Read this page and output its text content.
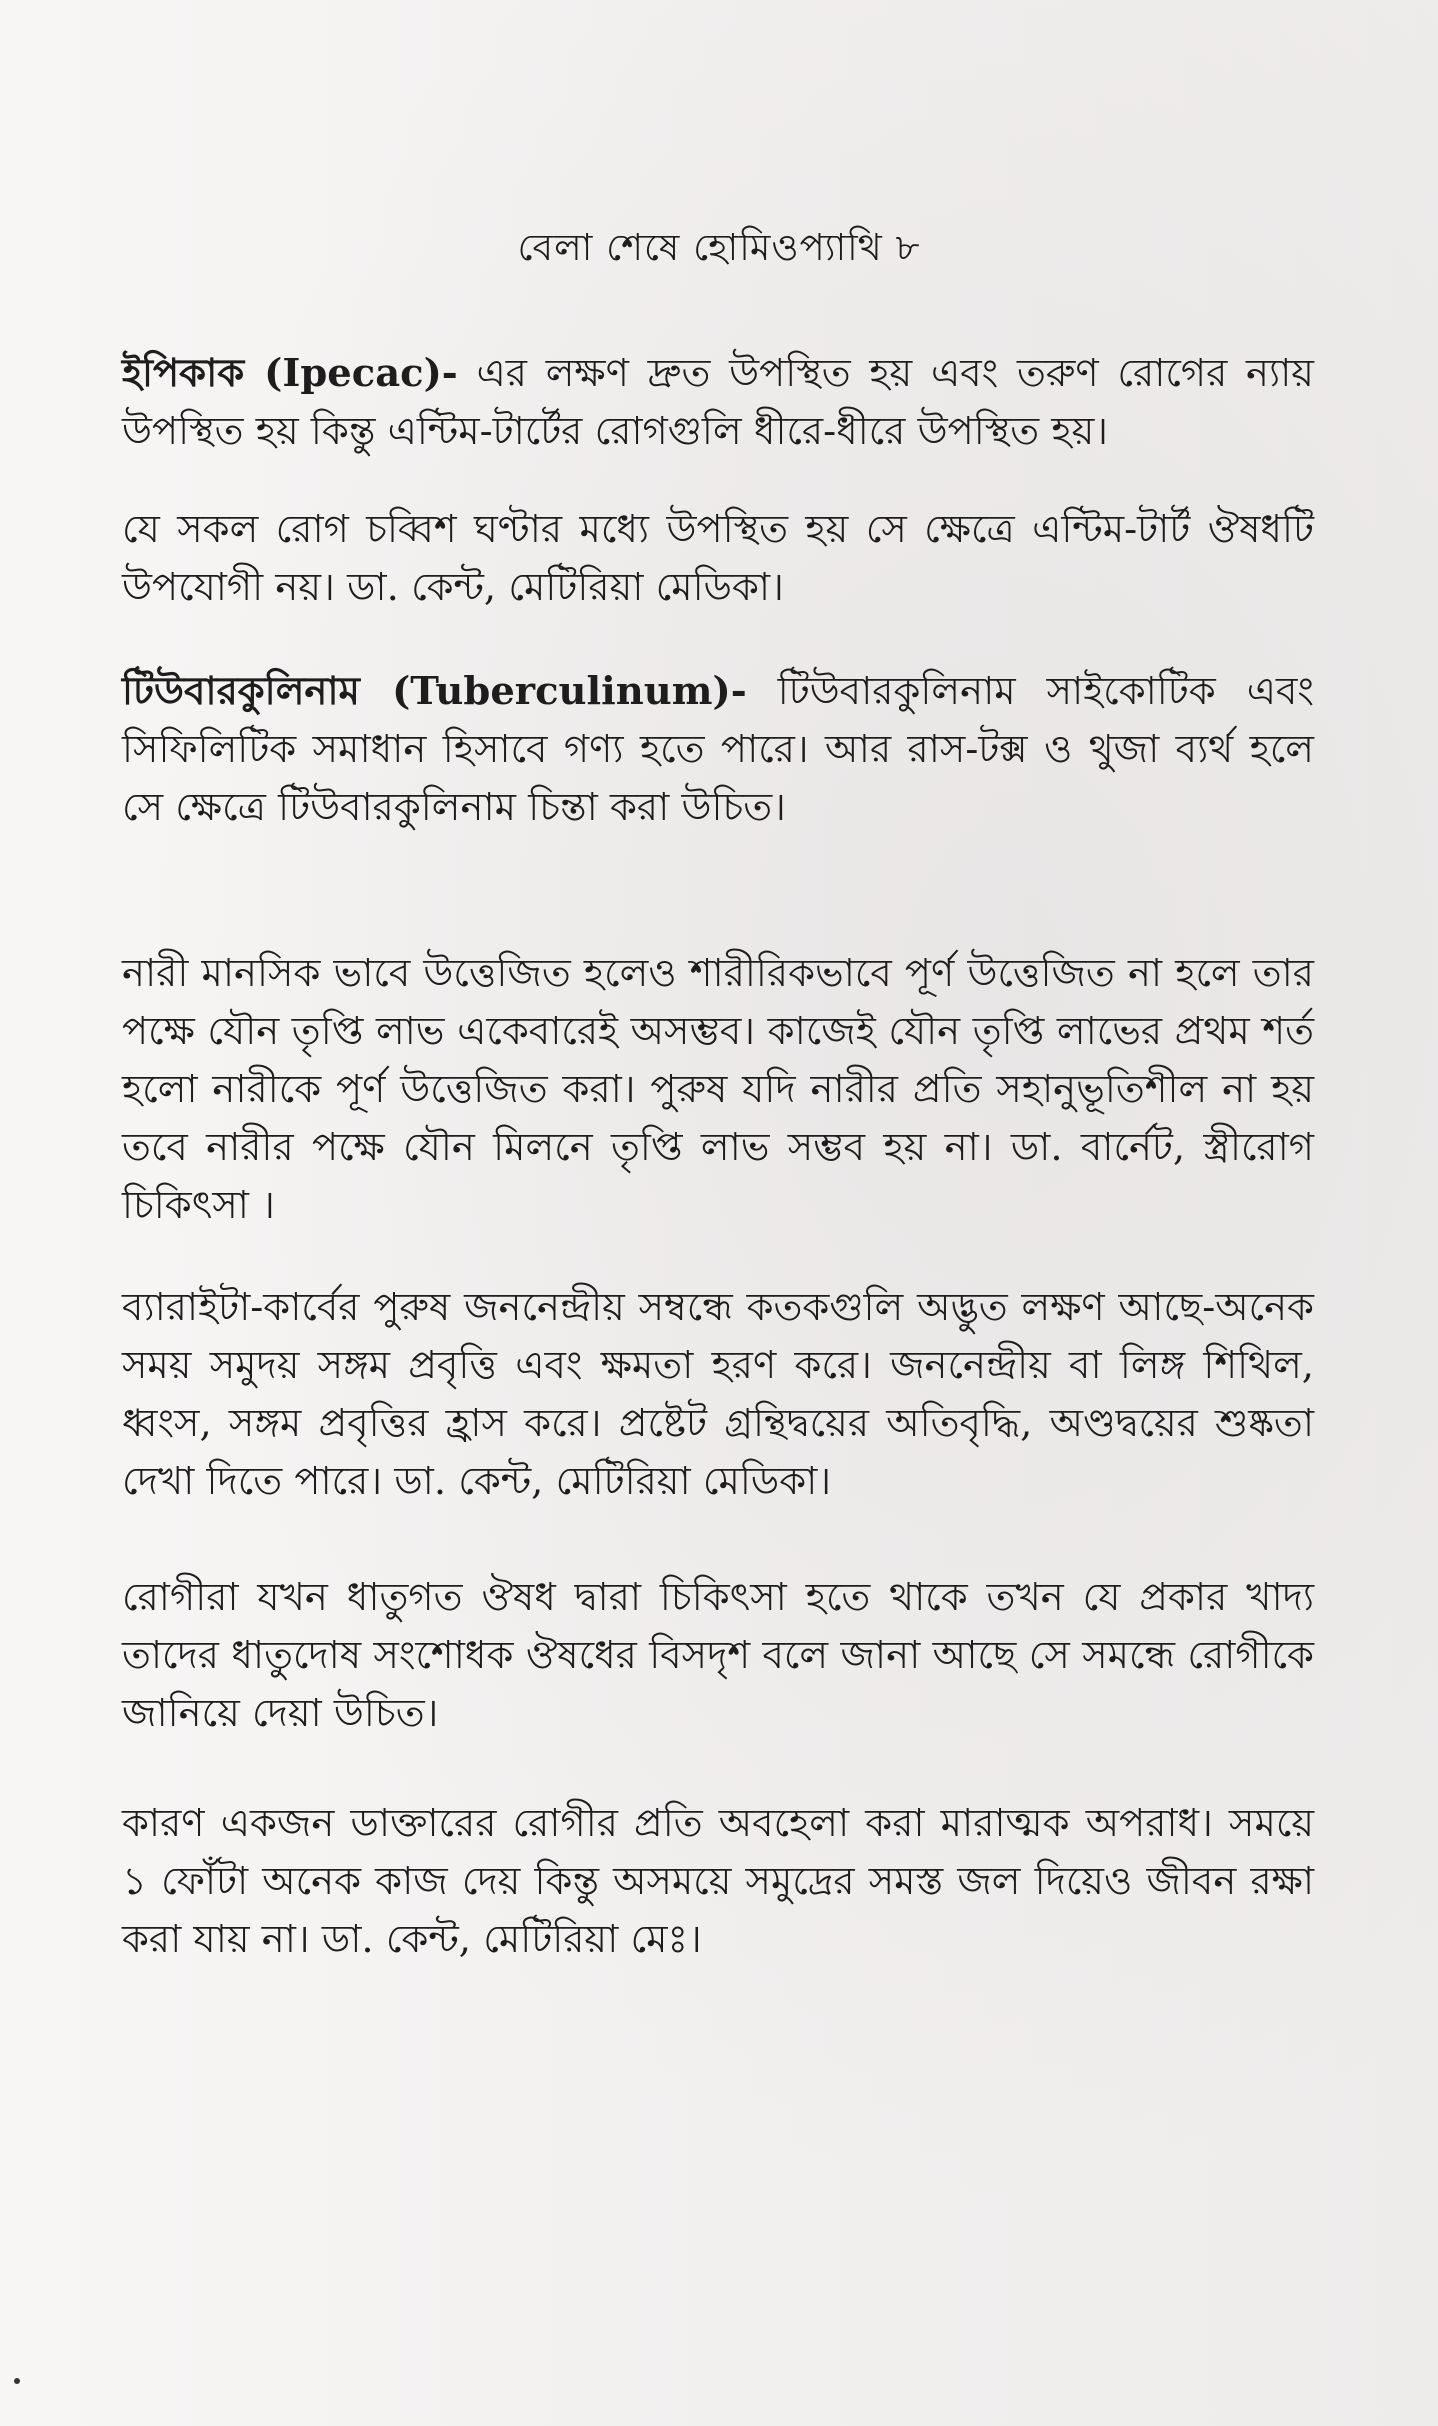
বেলা শেষে হোমিওপ্যাথি ৮

ইপিকাক (Ipecac)- এর লক্ষণ দ্রুত উপস্থিত হয় এবং তরুণ রোগের ন্যায় উপস্থিত হয় কিন্তু এন্টিম-টার্টের রোগগুলি ধীরে-ধীরে উপস্থিত হয়।

যে সকল রোগ চব্বিশ ঘণ্টার মধ্যে উপস্থিত হয় সে ক্ষেত্রে এন্টিম-টার্ট ঔষধটি উপযোগী নয়। ডা. কেন্ট, মেটিরিয়া মেডিকা।

টিউবারকুলিনাম (Tuberculinum)- টিউবারকুলিনাম সাইকোটিক এবং সিফিলিটিক সমাধান হিসাবে গণ্য হতে পারে। আর রাস-টক্স ও থুজা ব্যর্থ হলে সে ক্ষেত্রে টিউবারকুলিনাম চিন্তা করা উচিত।

নারী মানসিক ভাবে উত্তেজিত হলেও শারীরিকভাবে পূর্ণ উত্তেজিত না হলে তার পক্ষে যৌন তৃপ্তি লাভ একেবারেই অসম্ভব। কাজেই যৌন তৃপ্তি লাভের প্রথম শর্ত হলো নারীকে পূর্ণ উত্তেজিত করা। পুরুষ যদি নারীর প্রতি সহানুভূতিশীল না হয় তবে নারীর পক্ষে যৌন মিলনে তৃপ্তি লাভ সম্ভব হয় না। ডা. বার্নেট, স্ত্রীরোগ চিকিৎসা ।

ব্যারাইটা-কার্বের পুরুষ জননেন্দ্রীয় সম্বন্ধে কতকগুলি অদ্ভুত লক্ষণ আছে-অনেক সময় সমুদয় সঙ্গম প্রবৃত্তি এবং ক্ষমতা হরণ করে। জননেন্দ্রীয় বা লিঙ্গ শিথিল, ধ্বংস, সঙ্গম প্রবৃত্তির হ্রাস করে। প্রষ্টেট গ্রন্থিদ্বয়ের অতিবৃদ্ধি, অণ্ডদ্বয়ের শুষ্কতা দেখা দিতে পারে। ডা. কেন্ট, মেটিরিয়া মেডিকা।

রোগীরা যখন ধাতুগত ঔষধ দ্বারা চিকিৎসা হতে থাকে তখন যে প্রকার খাদ্য তাদের ধাতুদোষ সংশোধক ঔষধের বিসদৃশ বলে জানা আছে সে সমন্ধে রোগীকে জানিয়ে দেয়া উচিত।

কারণ একজন ডাক্তারের রোগীর প্রতি অবহেলা করা মারাত্মক অপরাধ। সময়ে ১ ফোঁটা অনেক কাজ দেয় কিন্তু অসময়ে সমুদ্রের সমস্ত জল দিয়েও জীবন রক্ষা করা যায় না। ডা. কেন্ট, মেটিরিয়া মেঃ।
